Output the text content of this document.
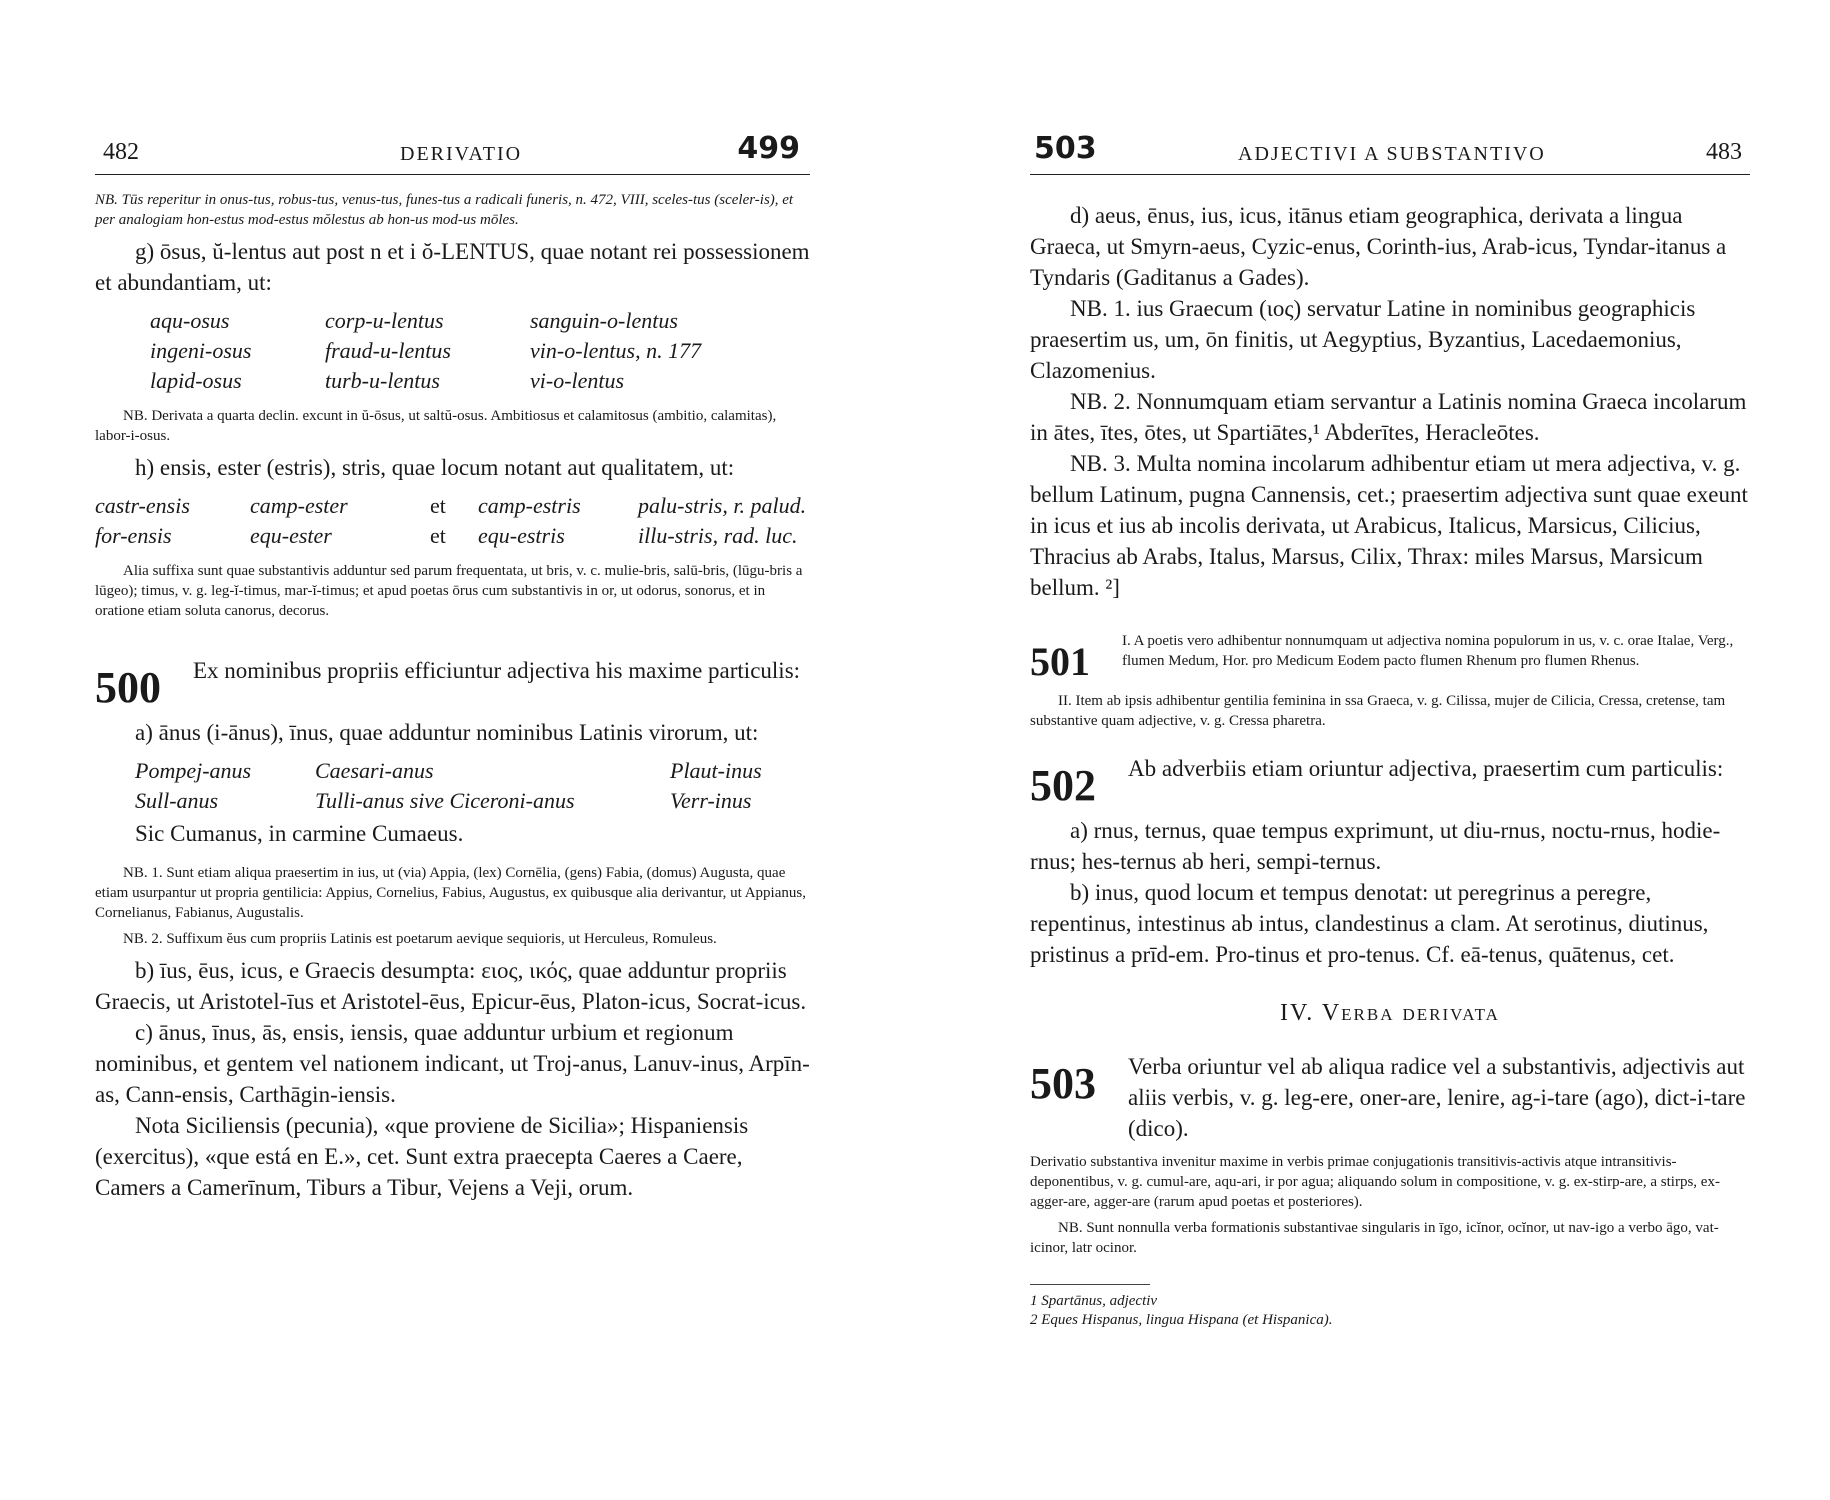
482	DERIVATIO	499

NB. Tūs reperitur in onus-tus, robus-tus, venus-tus, funes-tus a radicali funeris, n. 472, VIII, sceles-tus (sceler-is), et per analogiam hon-estus mod-estus mŏlestus ab hon-us mod-us mōles.

g) ōsus, ŭ-lentus aut post n et i ŏ-LENTUS, quae notant rei possessionem et abundantiam, ut:

aqu-osus	corp-u-lentus	sanguin-o-lentus
ingeni-osus	fraud-u-lentus	vin-o-lentus, n. 177
lapid-osus	turb-u-lentus	vi-o-lentus

NB. Derivata a quarta declin. excunt in ŭ-ōsus, ut saltŭ-osus. Ambitiosus et calamitosus (ambitio, calamitas), labor-i-osus.

h) ensis, ester (estris), stris, quae locum notant aut qualitatem, ut:

castr-ensis	camp-ester	et	camp-estris	palu-stris, r. palud.
for-ensis	equ-ester	et	equ-estris	illu-stris, rad. luc.

Alia suffixa sunt quae substantivis adduntur sed parum frequentata, ut bris, v. c. mulie-bris, salū-bris, (lūgu-bris a lūgeo); timus, v. g. leg-ĭ-timus, mar-ĭ-timus; et apud poetas ōrus cum substantivis in or, ut odorus, sonorus, et in oratione etiam soluta canorus, decorus.

500	Ex nominibus propriis efficiuntur adjectiva his maxime particulis:

a) ānus (i-ānus), īnus, quae adduntur nominibus Latinis virorum, ut:

Pompej-anus	Caesari-anus	Plaut-inus
Sull-anus	Tulli-anus sive Ciceroni-anus	Verr-inus

Sic Cumanus, in carmine Cumaeus.

NB. 1. Sunt etiam aliqua praesertim in ius, ut (via) Appia, (lex) Cornēlia, (gens) Fabia, (domus) Augusta, quae etiam usurpantur ut propria gentilicia: Appius, Cornelius, Fabius, Augustus, ex quibusque alia derivantur, ut Appianus, Cornelianus, Fabianus, Augustalis.

NB. 2. Suffixum ĕus cum propriis Latinis est poetarum aevique sequioris, ut Herculeus, Romuleus.

b) īus, ēus, icus, e Graecis desumpta: ειος, ικός, quae adduntur propriis Graecis, ut Aristotel-īus et Aristotel-ēus, Epicur-ēus, Platon-icus, Socrat-icus.

c) ānus, īnus, ās, ensis, iensis, quae adduntur urbium et regionum nominibus, et gentem vel nationem indicant, ut Troj-anus, Lanuv-inus, Arpīn-as, Cann-ensis, Carthāgin-iensis.

Nota Siciliensis (pecunia), «que proviene de Sicilia»; Hispaniensis (exercitus), «que está en E.», cet. Sunt extra praecepta Caeres a Caere, Camers a Camerīnum, Tiburs a Tibur, Vejens a Veji, orum.

503	ADJECTIVI A SUBSTANTIVO	483

d) aeus, ēnus, ius, icus, itānus etiam geographica, derivata a lingua Graeca, ut Smyrn-aeus, Cyzic-enus, Corinth-ius, Arab-icus, Tyndar-itanus a Tyndaris (Gaditanus a Gades).

NB. 1. ius Graecum (ιος) servatur Latine in nominibus geographicis praesertim us, um, ōn finitis, ut Aegyptius, Byzantius, Lacedaemonius, Clazomenius.

NB. 2. Nonnumquam etiam servantur a Latinis nomina Graeca incolarum in ātes, ītes, ōtes, ut Spartiātes,¹ Abderītes, Heracleōtes.

NB. 3. Multa nomina incolarum adhibentur etiam ut mera adjectiva, v. g. bellum Latinum, pugna Cannensis, cet.; praesertim adjectiva sunt quae exeunt in icus et ius ab incolis derivata, ut Arabicus, Italicus, Marsicus, Cilicius, Thracius ab Arabs, Italus, Marsus, Cilix, Thrax: miles Marsus, Marsicum bellum. ²]

501	I. A poetis vero adhibentur nonnumquam ut adjectiva nomina populorum in us, v. c. orae Italae, Verg., flumen Medum, Hor. pro Medicum Eodem pacto flumen Rhenum pro flumen Rhenus.

II. Item ab ipsis adhibentur gentilia feminina in ssa Graeca, v. g. Cilissa, mujer de Cilicia, Cressa, cretense, tam substantive quam adjective, v. g. Cressa pharetra.

502	Ab adverbiis etiam oriuntur adjectiva, praesertim cum particulis:

a) rnus, ternus, quae tempus exprimunt, ut diu-rnus, noctu-rnus, hodie-rnus; hes-ternus ab heri, sempi-ternus.

b) inus, quod locum et tempus denotat: ut peregrinus a peregre, repentinus, intestinus ab intus, clandestinus a clam. At serotinus, diutinus, pristinus a prīd-em. Pro-tinus et pro-tenus. Cf. eā-tenus, quātenus, cet.

IV. Verba derivata
503	Verba oriuntur vel ab aliqua radice vel a substantivis, adjectivis aut aliis verbis, v. g. leg-ere, oner-are, lenire, ag-i-tare (ago), dict-i-tare (dico).

Derivatio substantiva invenitur maxime in verbis primae conjugationis transitivis-activis atque intransitivis-deponentibus, v. g. cumul-are, aqu-ari, ir por agua; aliquando solum in compositione, v. g. ex-stirp-are, a stirps, ex-agger-are, agger-are (rarum apud poetas et posteriores).

NB. Sunt nonnulla verba formationis substantivae singularis in īgo, icĭnor, ocĭnor, ut nav-igo a verbo āgo, vat-icinor, latr ocinor.

1 Spartānus, adjectiv

2 Eques Hispanus, lingua Hispana (et Hispanica).
